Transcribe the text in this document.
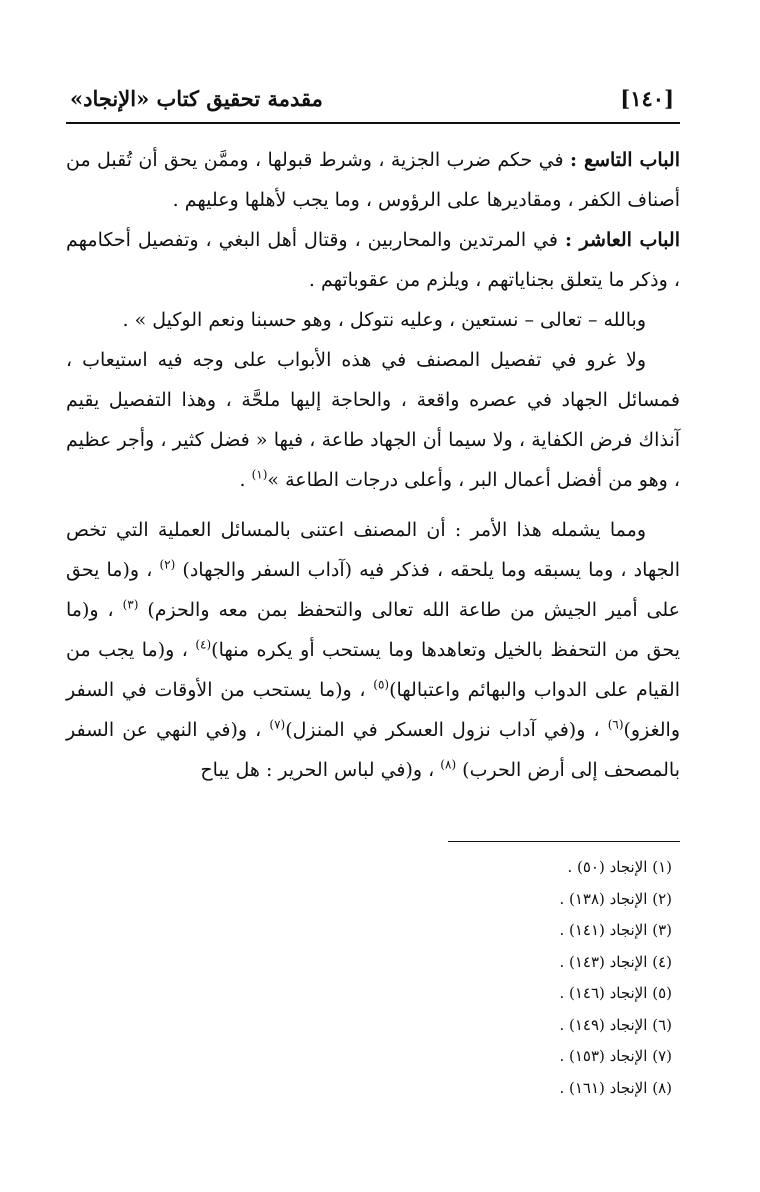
[١٤٠]
مقدمة تحقيق كتاب «الإنجاد»

الباب التاسع : في حكم ضرب الجزية ، وشرط قبولها ، وممَّن يحق أن تُقبل من أصناف الكفر ، ومقاديرها على الرؤوس ، وما يجب لأهلها وعليهم .

الباب العاشر : في المرتدين والمحاربين ، وقتال أهل البغي ، وتفصيل أحكامهم ، وذكر ما يتعلق بجناياتهم ، ويلزم من عقوباتهم .

وبالله – تعالى – نستعين ، وعليه نتوكل ، وهو حسبنا ونعم الوكيل » .

ولا غرو في تفصيل المصنف في هذه الأبواب على وجه فيه استيعاب ، فمسائل الجهاد في عصره واقعة ، والحاجة إليها ملحَّة ، وهذا التفصيل يقيم آنذاك فرض الكفاية ، ولا سيما أن الجهاد طاعة ، فيها « فضل كثير ، وأجر عظيم ، وهو من أفضل أعمال البر ، وأعلى درجات الطاعة »$^{(١)}$ .

ومما يشمله هذا الأمر : أن المصنف اعتنى بالمسائل العملية التي تخص الجهاد ، وما يسبقه وما يلحقه ، فذكر فيه (آداب السفر والجهاد) $^{(٢)}$ ، و(ما يحق على أمير الجيش من طاعة الله تعالى والتحفظ بمن معه والحزم) $^{(٣)}$ ، و(ما يحق من التحفظ بالخيل وتعاهدها وما يستحب أو يكره منها)$^{(٤)}$ ، و(ما يجب من القيام على الدواب والبهائم واعتبالها)$^{(٥)}$ ، و(ما يستحب من الأوقات في السفر والغزو)$^{(٦)}$ ، و(في آداب نزول العسكر في المنزل)$^{(٧)}$ ، و(في النهي عن السفر بالمصحف إلى أرض الحرب) $^{(٨)}$ ، و(في لباس الحرير : هل يباح

(١) الإنجاد (٥٠) .
(٢) الإنجاد (١٣٨) .
(٣) الإنجاد (١٤١) .
(٤) الإنجاد (١٤٣) .
(٥) الإنجاد (١٤٦) .
(٦) الإنجاد (١٤٩) .
(٧) الإنجاد (١٥٣) .
(٨) الإنجاد (١٦١) .
